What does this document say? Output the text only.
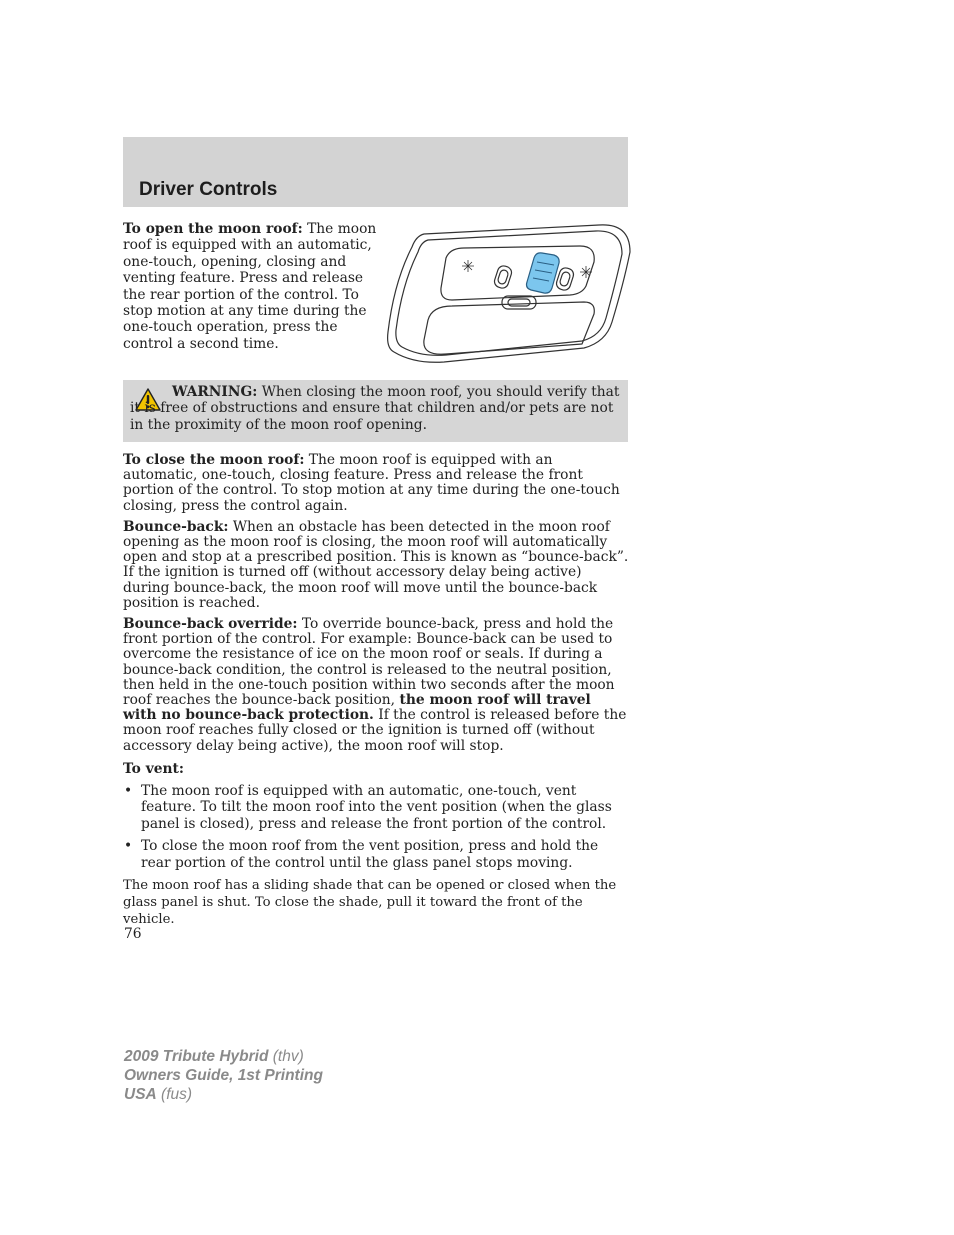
Driver Controls

To open the moon roof: The moon roof is equipped with an automatic, one-touch, opening, closing and venting feature. Press and release the rear portion of the control. To stop motion at any time during the one-touch operation, press the control a second time.

WARNING: When closing the moon roof, you should verify that it is free of obstructions and ensure that children and/or pets are not in the proximity of the moon roof opening.

To close the moon roof: The moon roof is equipped with an automatic, one-touch, closing feature. Press and release the front portion of the control. To stop motion at any time during the one-touch closing, press the control again.

Bounce-back: When an obstacle has been detected in the moon roof opening as the moon roof is closing, the moon roof will automatically open and stop at a prescribed position. This is known as “bounce-back”. If the ignition is turned off (without accessory delay being active) during bounce-back, the moon roof will move until the bounce-back position is reached.

Bounce-back override: To override bounce-back, press and hold the front portion of the control. For example: Bounce-back can be used to overcome the resistance of ice on the moon roof or seals. If during a bounce-back condition, the control is released to the neutral position, then held in the one-touch position within two seconds after the moon roof reaches the bounce-back position, the moon roof will travel with no bounce-back protection. If the control is released before the moon roof reaches fully closed or the ignition is turned off (without accessory delay being active), the moon roof will stop.

To vent:

• The moon roof is equipped with an automatic, one-touch, vent feature. To tilt the moon roof into the vent position (when the glass panel is closed), press and release the front portion of the control.
• To close the moon roof from the vent position, press and hold the rear portion of the control until the glass panel stops moving.

The moon roof has a sliding shade that can be opened or closed when the glass panel is shut. To close the shade, pull it toward the front of the vehicle.

76

2009 Tribute Hybrid (thv)
Owners Guide, 1st Printing
USA (fus)
